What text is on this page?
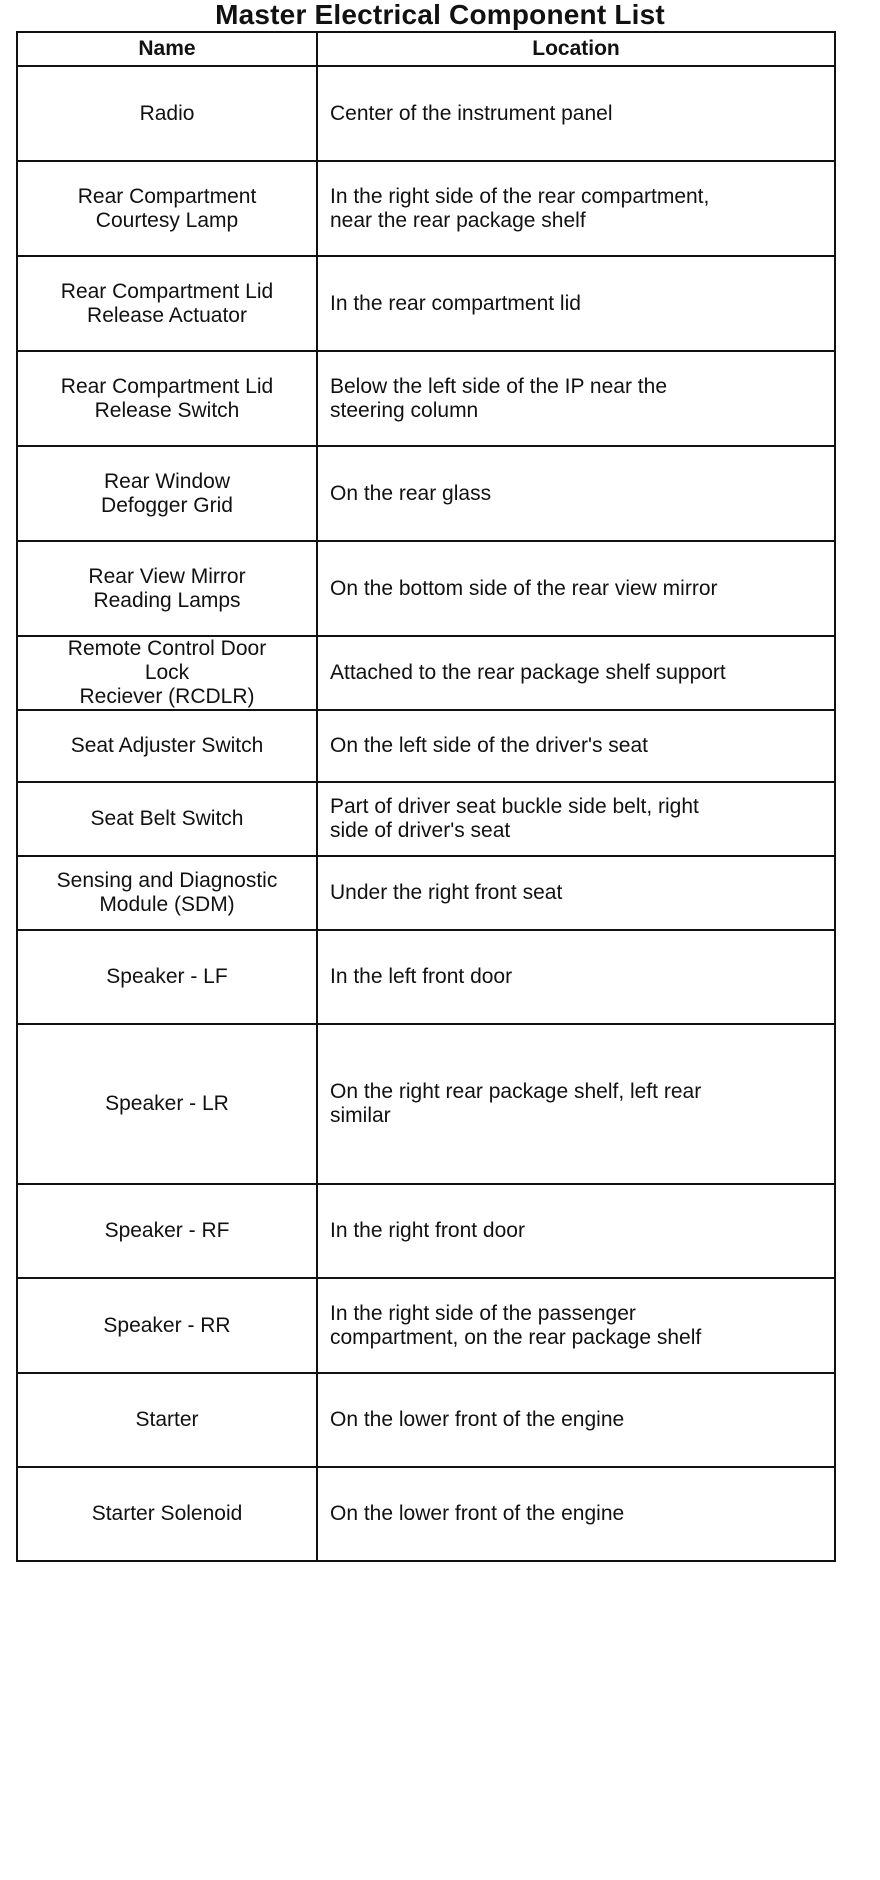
Master Electrical Component List
Name	Location

Radio	Center of the instrument panel

Rear Compartment
Courtesy Lamp	In the right side of the rear compartment,
near the rear package shelf

Rear Compartment Lid
Release Actuator	In the rear compartment lid

Rear Compartment Lid
Release Switch	Below the left side of the IP near the
steering column

Rear Window
Defogger Grid	On the rear glass

Rear View Mirror
Reading Lamps	On the bottom side of the rear view mirror

Remote Control Door
Lock
Reciever (RCDLR)	Attached to the rear package shelf support

Seat Adjuster Switch	On the left side of the driver's seat

Seat Belt Switch	Part of driver seat buckle side belt, right
side of driver's seat

Sensing and Diagnostic
Module (SDM)	Under the right front seat

Speaker - LF	In the left front door

Speaker - LR	On the right rear package shelf, left rear
similar

Speaker - RF	In the right front door

Speaker - RR	In the right side of the passenger
compartment, on the rear package shelf

Starter	On the lower front of the engine

Starter Solenoid	On the lower front of the engine
